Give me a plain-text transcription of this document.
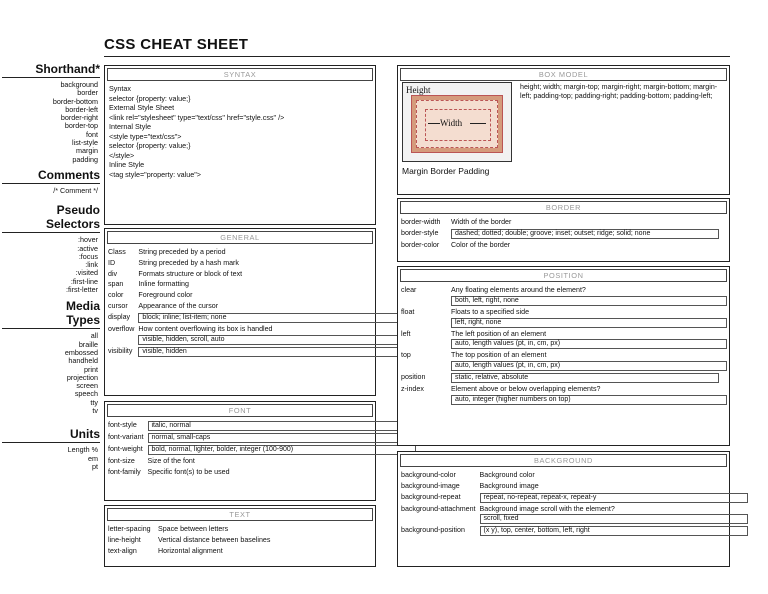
CSS CHEAT SHEET
Shorthand*
background
border
border-bottom
border-left
border-right
border-top
font
list-style
margin
padding
Comments
/* Comment */
Pseudo
Selectors
:hover
:active
:focus
:link
:visited
:first-line
:first-letter
Media
Types
all
braille
embossed
handheld
print
projection
screen
speech
tty
tv
Units
Length %
em
pt
SYNTAX
Syntax
selector {property: value;}
External Style Sheet
<link rel="stylesheet" type="text/css" href="style.css" />
Internal Style
<style type="text/css">
selector {property: value;}
</style>
Inline Style
<tag style="property: value">
GENERAL
Class	String preceded by a period

ID	String preceded by a hash mark

div	Formats structure or block of text

span	Inline formatting

color	Foreground color

cursor	Appearance of the cursor

display	block; inline; list-item; none
overflow	How content overflowing its box is handled
visible, hidden, scroll, auto

visibility	visible, hidden
FONT
font-style	italic, normal
font-variant	normal, small-caps
font-weight	bold, normal, lighter, bolder, integer (100-900)
font-size	Size of the font

font-family	Specific font(s) to be used
TEXT
letter-spacing	Space between letters

line-height	Vertical distance between baselines

text-align	Horizontal alignment
BOX MODEL
Height
Width
Margin Border Padding
height; width; margin-top; margin-right; margin-bottom; margin-left; padding-top; padding-right; padding-bottom; padding-left;
BORDER
border-width	Width of the border

border-style	dashed; dotted; double; groove; inset; outset; ridge; solid; none
border-color	Color of the border
POSITION
clear	Any floating elements around the element?
both, left, right, none

float	Floats to a specified side
left, right, none

left	The left position of an element
auto, length values (pt, in, cm, px)

top	The top position of an element
auto, length values (pt, in, cm, px)

position	static, relative, absolute
z-index	Element above or below overlapping elements?
auto, integer (higher numbers on top)
BACKGROUND
background-color	Background color

background-image	Background image

background-repeat	repeat, no-repeat, repeat-x, repeat-y
background-attachment	Background image scroll with the element?
scroll, fixed

background-position	(x y), top, center, bottom, left, right
